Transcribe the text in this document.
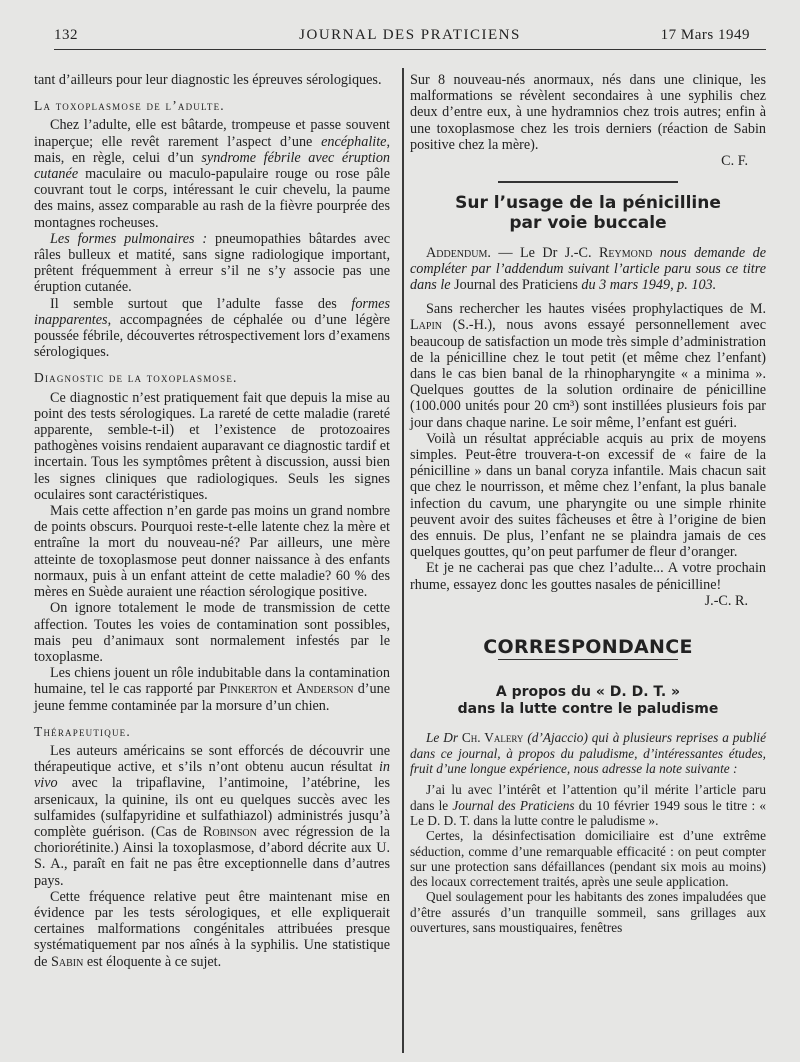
132	JOURNAL DES PRATICIENS	17 Mars 1949

tant d’ailleurs pour leur diagnostic les épreuves sérologiques.

La toxoplasmose de l’adulte.

Chez l’adulte, elle est bâtarde, trompeuse et passe souvent inaperçue; elle revêt rarement l’aspect d’une encéphalite, mais, en règle, celui d’un syndrome fébrile avec éruption cutanée maculaire ou maculo-papulaire rouge ou rose pâle couvrant tout le corps, intéressant le cuir chevelu, la paume des mains, assez comparable au rash de la fièvre pourprée des montagnes rocheuses.

Les formes pulmonaires : pneumopathies bâtardes avec râles bulleux et matité, sans signe radiologique important, prêtent fréquemment à erreur s’il ne s’y associe pas une éruption cutanée.

Il semble surtout que l’adulte fasse des formes inapparentes, accompagnées de céphalée ou d’une légère poussée fébrile, découvertes rétrospectivement lors d’examens sérologiques.

Diagnostic de la toxoplasmose.

Ce diagnostic n’est pratiquement fait que depuis la mise au point des tests sérologiques. La rareté de cette maladie (rareté apparente, semble-t-il) et l’existence de protozoaires pathogènes voisins rendaient auparavant ce diagnostic tardif et incertain. Tous les symptômes prêtent à discussion, aussi bien les signes cliniques que radiologiques. Seuls les signes oculaires sont caractéristiques.

Mais cette affection n’en garde pas moins un grand nombre de points obscurs. Pourquoi reste-t-elle latente chez la mère et entraîne la mort du nouveau-né? Par ailleurs, une mère atteinte de toxoplasmose peut donner naissance à des enfants normaux, puis à un enfant atteint de cette maladie? 60 % des mères en Suède auraient une réaction sérologique positive.

On ignore totalement le mode de transmission de cette affection. Toutes les voies de contamination sont possibles, mais peu d’animaux sont normalement infestés par le toxoplasme.

Les chiens jouent un rôle indubitable dans la contamination humaine, tel le cas rapporté par Pinkerton et Anderson d’une jeune femme contaminée par la morsure d’un chien.

Thérapeutique.

Les auteurs américains se sont efforcés de découvrir une thérapeutique active, et s’ils n’ont obtenu aucun résultat in vivo avec la tripaflavine, l’antimoine, l’atébrine, les arsenicaux, la quinine, ils ont eu quelques succès avec les sulfamides (sulfapyridine et sulfathiazol) administrés jusqu’à complète guérison. (Cas de Robinson avec régression de la choriorétinite.) Ainsi la toxoplasmose, d’abord décrite aux U. S. A., paraît en fait ne pas être exceptionnelle dans d’autres pays.

Cette fréquence relative peut être maintenant mise en évidence par les tests sérologiques, et elle expliquerait certaines malformations congénitales attribuées presque systématiquement par nos aînés à la syphilis. Une statistique de Sabin est éloquente à ce sujet.

Sur 8 nouveau-nés anormaux, nés dans une clinique, les malformations se révèlent secondaires à une syphilis chez deux d’entre eux, à une hydramnios chez trois autres; enfin à une toxoplasmose chez les trois derniers (réaction de Sabin positive chez la mère).

C. F.

Sur l’usage de la pénicilline
par voie buccale

Addendum. — Le Dr J.-C. Reymond nous demande de compléter par l’addendum suivant l’article paru sous ce titre dans le Journal des Praticiens du 3 mars 1949, p. 103.

Sans rechercher les hautes visées prophylactiques de M. Lapin (S.-H.), nous avons essayé personnellement avec beaucoup de satisfaction un mode très simple d’administration de la pénicilline chez le tout petit (et même chez l’enfant) dans le cas bien banal de la rhinopharyngite « a minima ». Quelques gouttes de la solution ordinaire de pénicilline (100.000 unités pour 20 cm³) sont instillées plusieurs fois par jour dans chaque narine. Le soir même, l’enfant est guéri.

Voilà un résultat appréciable acquis au prix de moyens simples. Peut-être trouvera-t-on excessif de « faire de la pénicilline » dans un banal coryza infantile. Mais chacun sait que chez le nourrisson, et même chez l’enfant, la plus banale infection du cavum, une pharyngite ou une simple rhinite peuvent avoir des suites fâcheuses et être à l’origine de bien des ennuis. De plus, l’enfant ne se plaindra jamais de ces quelques gouttes, qu’on peut parfumer de fleur d’oranger.

Et je ne cacherai pas que chez l’adulte... A votre prochain rhume, essayez donc les gouttes nasales de pénicilline!

J.-C. R.

CORRESPONDANCE
A propos du « D. D. T. »
dans la lutte contre le paludisme

Le Dr Ch. Valery (d’Ajaccio) qui à plusieurs reprises a publié dans ce journal, à propos du paludisme, d’intéressantes études, fruit d’une longue expérience, nous adresse la note suivante :

J’ai lu avec l’intérêt et l’attention qu’il mérite l’article paru dans le Journal des Praticiens du 10 février 1949 sous le titre : « Le D. D. T. dans la lutte contre le paludisme ».

Certes, la désinfectisation domiciliaire est d’une extrême séduction, comme d’une remarquable efficacité : on peut compter sur une protection sans défaillances (pendant six mois au moins) des locaux correctement traités, après une seule application.

Quel soulagement pour les habitants des zones impaludées que d’être assurés d’un tranquille sommeil, sans grillages aux ouvertures, sans moustiquaires, fenêtres
